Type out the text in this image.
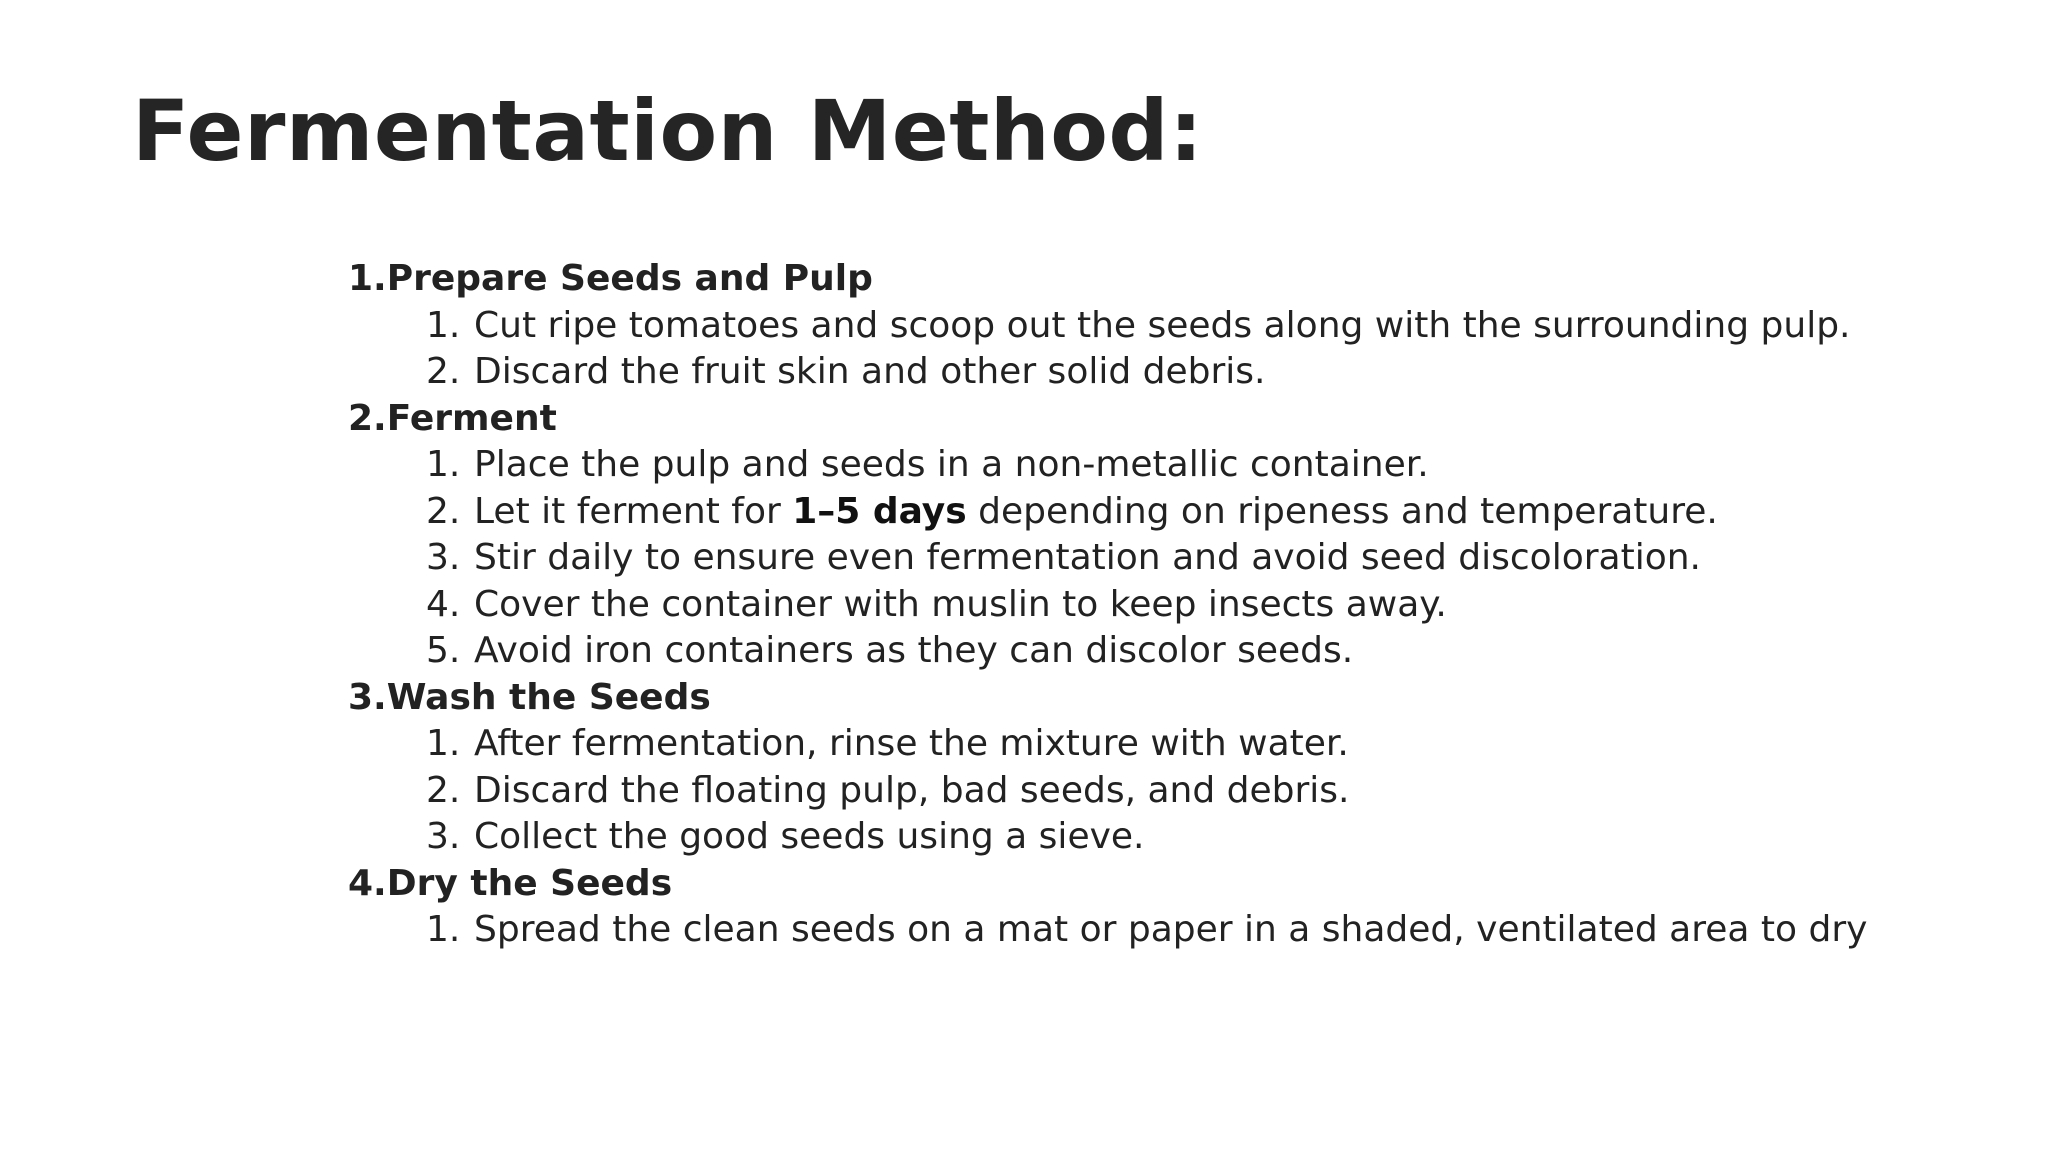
Fermentation Method:
1.Prepare Seeds and Pulp
1. Cut ripe tomatoes and scoop out the seeds along with the surrounding pulp.
2. Discard the fruit skin and other solid debris.
2.Ferment
1. Place the pulp and seeds in a non-metallic container.
2. Let it ferment for 1–5 days depending on ripeness and temperature.
3. Stir daily to ensure even fermentation and avoid seed discoloration.
4. Cover the container with muslin to keep insects away.
5. Avoid iron containers as they can discolor seeds.
3.Wash the Seeds
1. After fermentation, rinse the mixture with water.
2. Discard the floating pulp, bad seeds, and debris.
3. Collect the good seeds using a sieve.
4.Dry the Seeds
1. Spread the clean seeds on a mat or paper in a shaded, ventilated area to dry
